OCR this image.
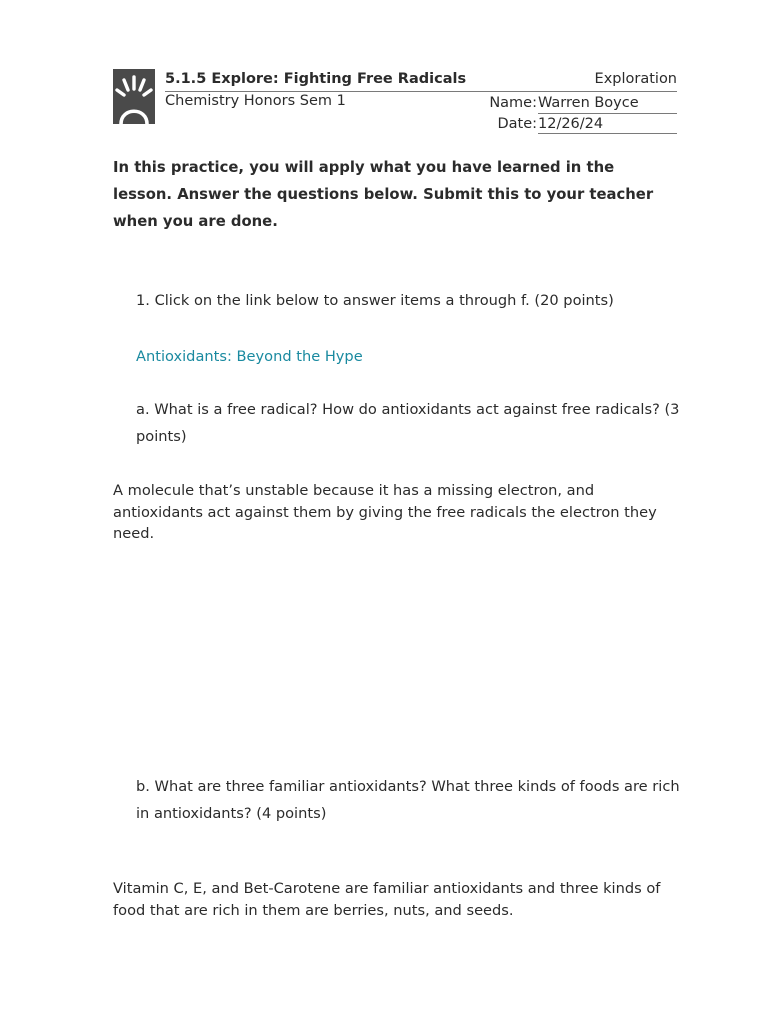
5.1.5 Explore: Fighting Free Radicals	Exploration
Chemistry Honors Sem 1	Name: Warren Boyce
Date: 12/26/24
In this practice, you will apply what you have learned in the lesson. Answer the questions below. Submit this to your teacher when you are done.
1. Click on the link below to answer items a through f. (20 points)
Antioxidants: Beyond the Hype
a. What is a free radical? How do antioxidants act against free radicals? (3 points)
A molecule that’s unstable because it has a missing electron, and antioxidants act against them by giving the free radicals the electron they need.
b. What are three familiar antioxidants? What three kinds of foods are rich in antioxidants? (4 points)
Vitamin C, E, and Bet-Carotene are familiar antioxidants and three kinds of food that are rich in them are berries, nuts, and seeds.
